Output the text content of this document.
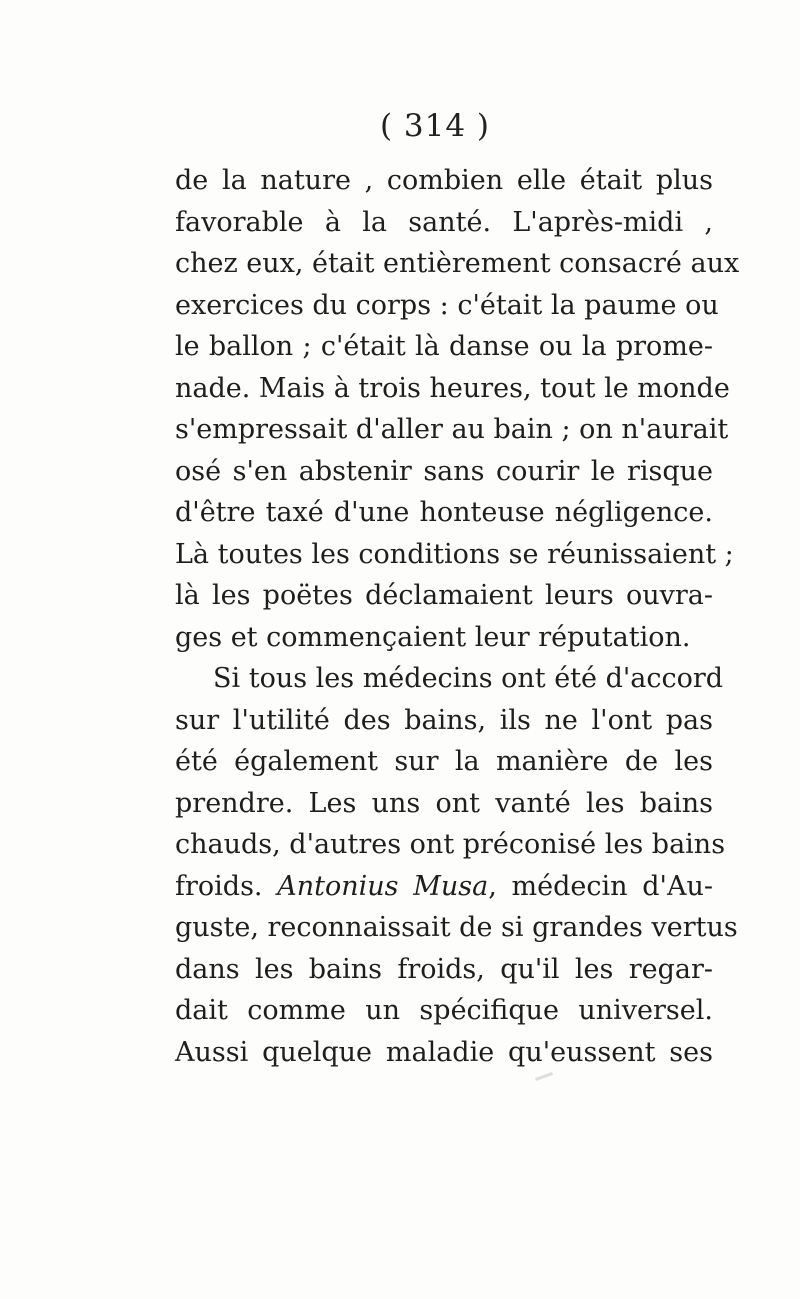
( 314 )
de la nature , combien elle était plus
favorable à la santé. L'après-midi ,
chez eux, était entièrement consacré aux
exercices du corps : c'était la paume ou
le ballon ; c'était là danse ou la prome-
nade. Mais à trois heures, tout le monde
s'empressait d'aller au bain ; on n'aurait
osé s'en abstenir sans courir le risque
d'être taxé d'une honteuse négligence.
Là toutes les conditions se réunissaient ;
là les poëtes déclamaient leurs ouvra-
ges et commençaient leur réputation.
Si tous les médecins ont été d'accord
sur l'utilité des bains, ils ne l'ont pas
été également sur la manière de les
prendre. Les uns ont vanté les bains
chauds, d'autres ont préconisé les bains
froids. Antonius Musa, médecin d'Au-
guste, reconnaissait de si grandes vertus
dans les bains froids, qu'il les regar-
dait comme un spécifique universel.
Aussi quelque maladie qu'eussent ses
